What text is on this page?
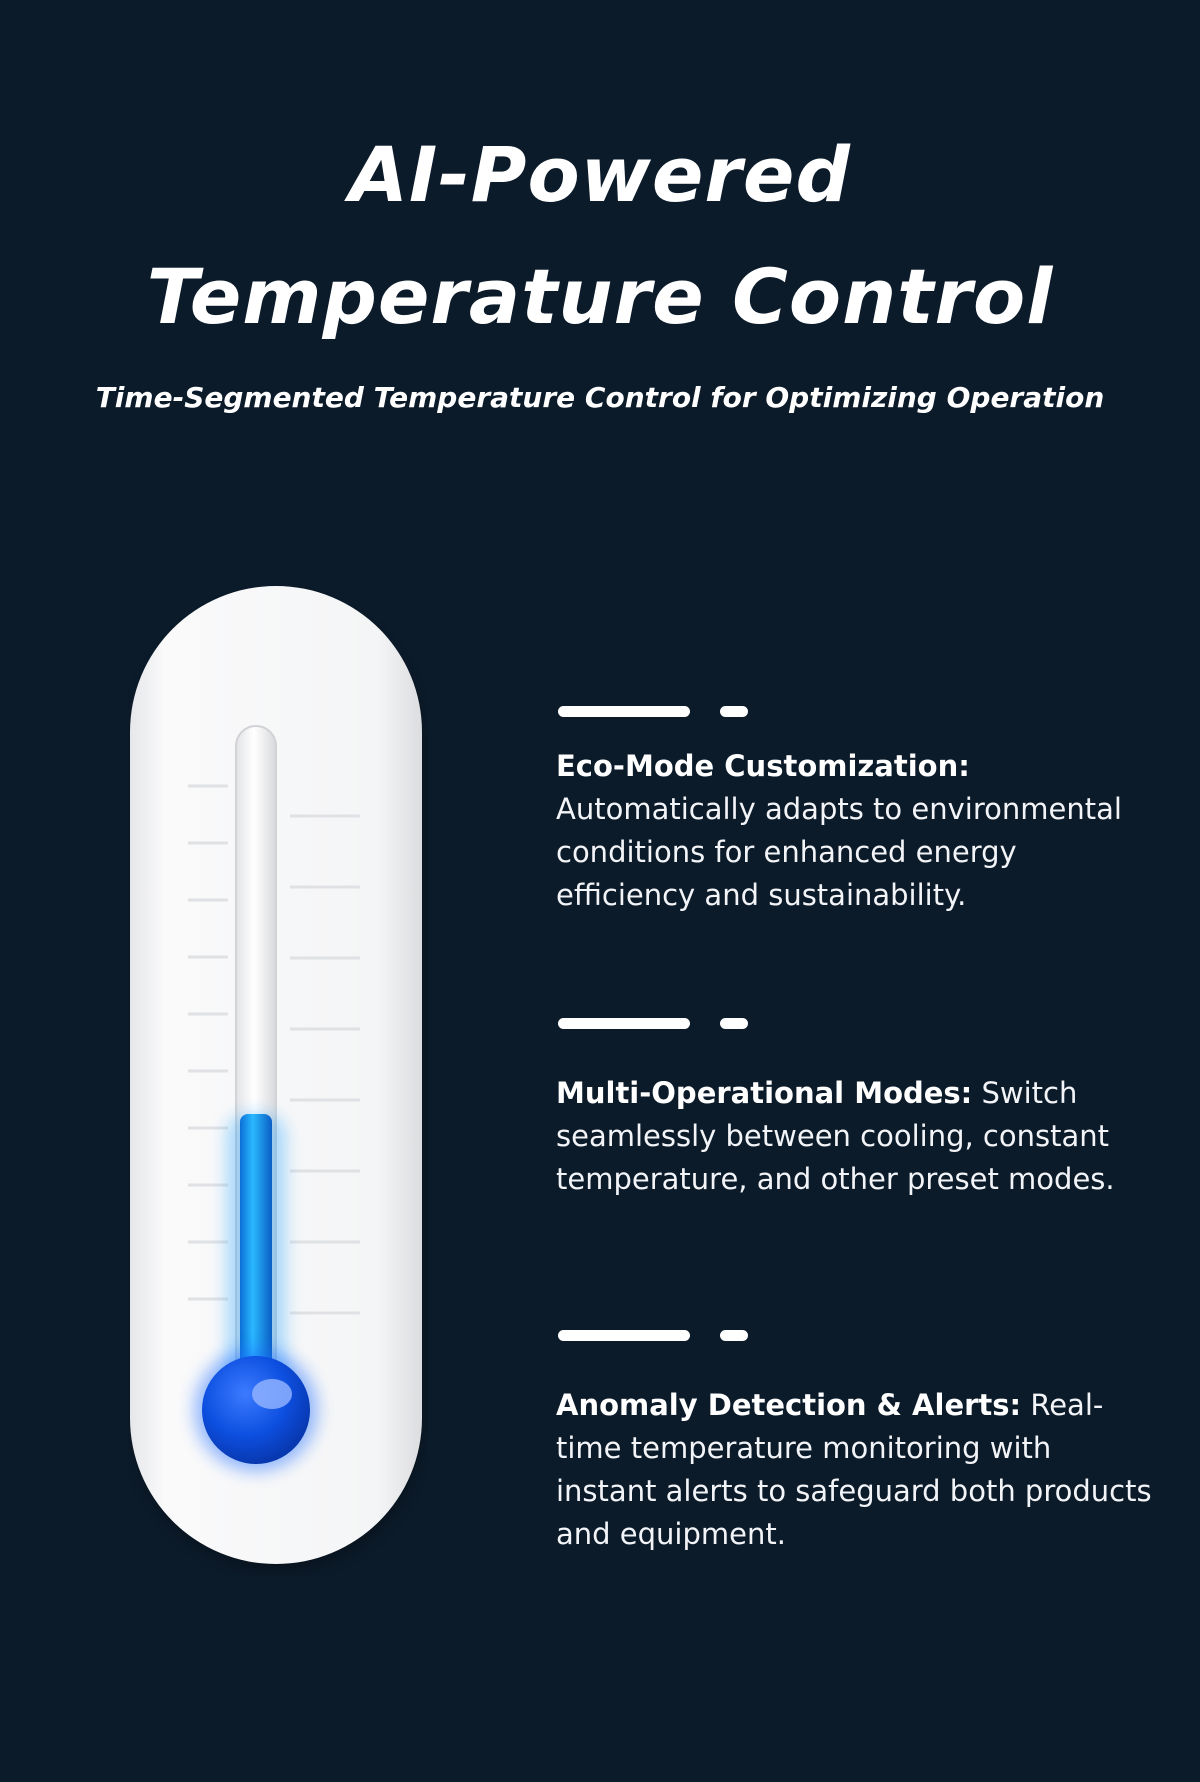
AI-Powered
Temperature Control
Time-Segmented Temperature Control for Optimizing Operation
Eco-Mode Customization:
Automatically adapts to environmental conditions for enhanced energy efficiency and sustainability.
Multi-Operational Modes: Switch seamlessly between cooling, constant temperature, and other preset modes.
Anomaly Detection & Alerts: Real-time temperature monitoring with instant alerts to safeguard both products and equipment.
